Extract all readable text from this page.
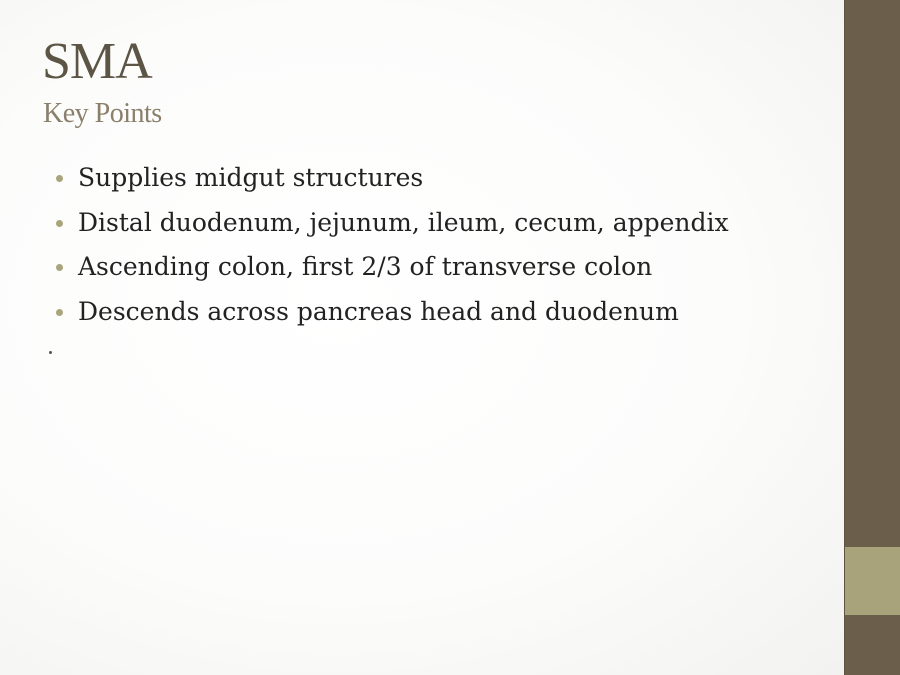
SMA
Key Points
Supplies midgut structures
Distal duodenum, jejunum, ileum, cecum, appendix
Ascending colon, first 2/3 of transverse colon
Descends across pancreas head and duodenum
